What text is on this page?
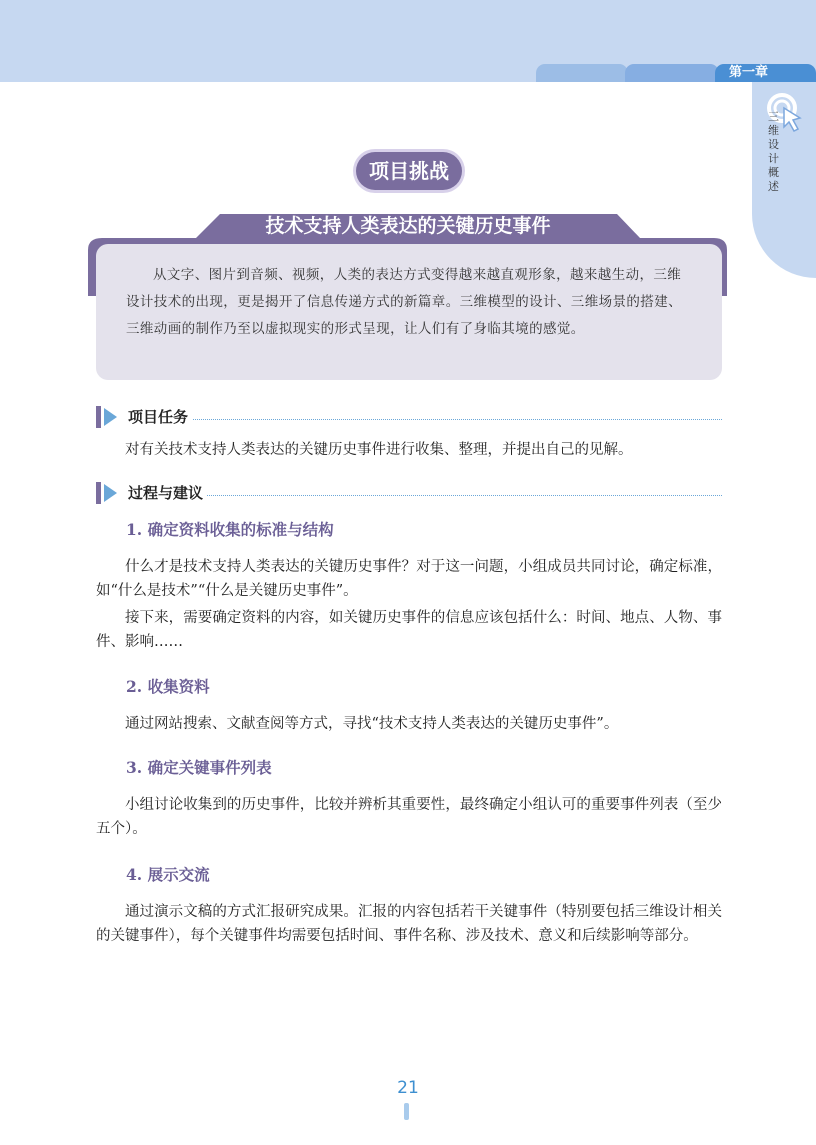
第一章
三维设计概述
项目挑战
技术支持人类表达的关键历史事件
从文字、图片到音频、视频，人类的表达方式变得越来越直观形象，越来越生动，三维设计技术的出现，更是揭开了信息传递方式的新篇章。三维模型的设计、三维场景的搭建、三维动画的制作乃至以虚拟现实的形式呈现，让人们有了身临其境的感觉。
项目任务
对有关技术支持人类表达的关键历史事件进行收集、整理，并提出自己的见解。
过程与建议
1. 确定资料收集的标准与结构
什么才是技术支持人类表达的关键历史事件？对于这一问题，小组成员共同讨论，确定标准，如“什么是技术”“什么是关键历史事件”。
接下来，需要确定资料的内容，如关键历史事件的信息应该包括什么：时间、地点、人物、事件、影响……
2. 收集资料
通过网站搜索、文献查阅等方式，寻找“技术支持人类表达的关键历史事件”。
3. 确定关键事件列表
小组讨论收集到的历史事件，比较并辨析其重要性，最终确定小组认可的重要事件列表（至少五个）。
4. 展示交流
通过演示文稿的方式汇报研究成果。汇报的内容包括若干关键事件（特别要包括三维设计相关的关键事件），每个关键事件均需要包括时间、事件名称、涉及技术、意义和后续影响等部分。
21
